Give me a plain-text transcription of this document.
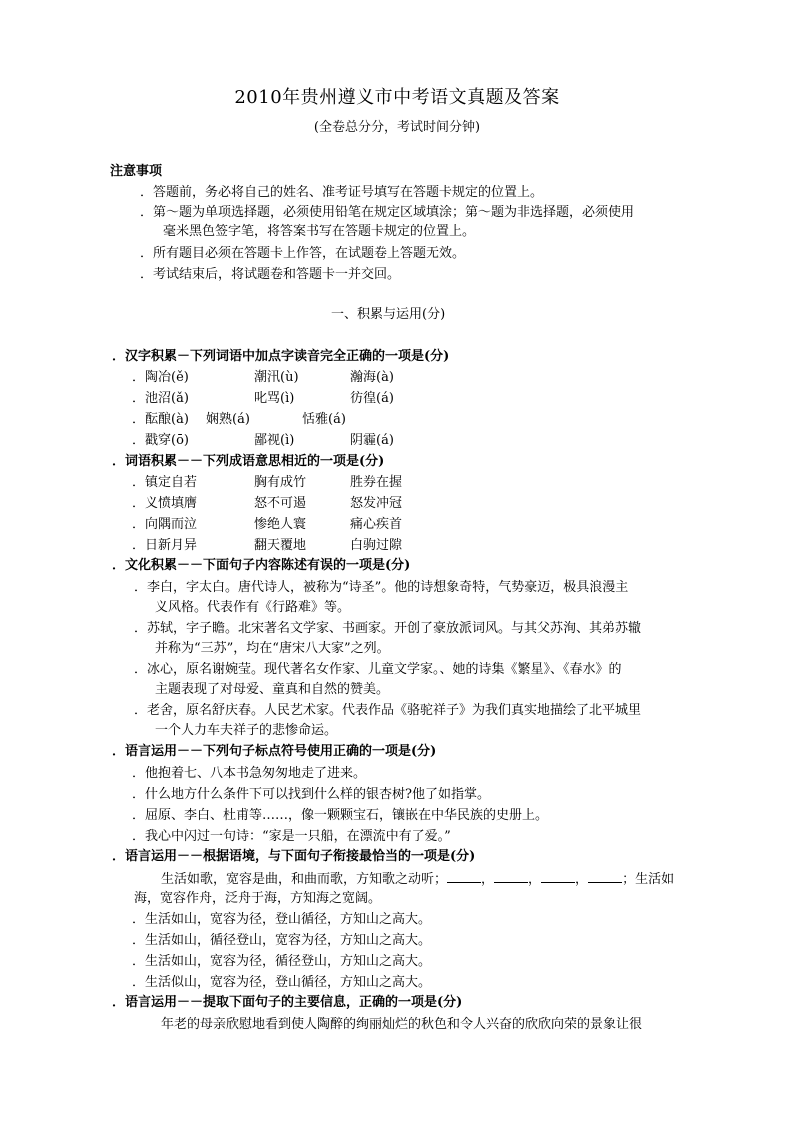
2010年贵州遵义市中考语文真题及答案
(全卷总分分，考试时间分钟)
注意事项
．答题前，务必将自己的姓名、准考证号填写在答题卡规定的位置上。
．第～题为单项选择题，必须使用铅笔在规定区域填涂；第～题为非选择题，必须使用
毫米黑色签字笔，将答案书写在答题卡规定的位置上。
．所有题目必须在答题卡上作答，在试题卷上答题无效。
．考试结束后，将试题卷和答题卡一并交回。
一、积累与运用(分)
．汉字积累－下列词语中加点字读音完全正确的一项是(分)
．陶冶(ě)	潮汛(ù)	瀚海(à)
．池沼(ǎ)	叱骂(ì)	彷徨(á)
．酝酿(à) 娴熟(á)	恬雅(á)
．戳穿(ō)	鄙视(ì)	阴霾(á)
．词语积累－－下列成语意思相近的一项是(分)
．镇定自若	胸有成竹	胜券在握
．义愤填膺	怒不可遏	怒发冲冠
．向隅而泣	惨绝人寰	痛心疾首
．日新月异	翻天覆地	白驹过隙
．文化积累－－下面句子内容陈述有误的一项是(分)
．李白，字太白。唐代诗人，被称为“诗圣”。他的诗想象奇特，气势豪迈，极具浪漫主
义风格。代表作有《行路难》等。
．苏轼，字子瞻。北宋著名文学家、书画家。开创了豪放派词风。与其父苏洵、其弟苏辙
并称为“三苏”，均在“唐宋八大家”之列。
．冰心，原名谢婉莹。现代著名女作家、儿童文学家。、她的诗集《繁星》、《春水》的
主题表现了对母爱、童真和自然的赞美。
．老舍，原名舒庆春。人民艺术家。代表作品《骆驼祥子》为我们真实地描绘了北平城里
一个人力车夫祥子的悲惨命运。
．语言运用－－下列句子标点符号使用正确的一项是(分)
．他抱着七、八本书急匆匆地走了进来。
．什么地方什么条件下可以找到什么样的银杏树?他了如指掌。
．屈原、李白、杜甫等……，像一颗颗宝石，镶嵌在中华民族的史册上。
．我心中闪过一句诗：“家是一只船，在漂流中有了爱。”
．语言运用－－根据语境，与下面句子衔接最恰当的一项是(分)
生活如歌，宽容是曲，和曲而歌，方知歌之动听；	，	，	，	；生活如
海，宽容作舟，泛舟于海，方知海之宽阔。
．生活如山，宽容为径，登山循径，方知山之高大。
．生活如山，循径登山，宽容为径，方知山之高大。
．生活如山，宽容为径，循径登山，方知山之高大。
．生活似山，宽容为径，登山循径，方知山之高大。
．语言运用－－提取下面句子的主要信息，正确的一项是(分)
年老的母亲欣慰地看到使人陶醉的绚丽灿烂的秋色和令人兴奋的欣欣向荣的景象让很
